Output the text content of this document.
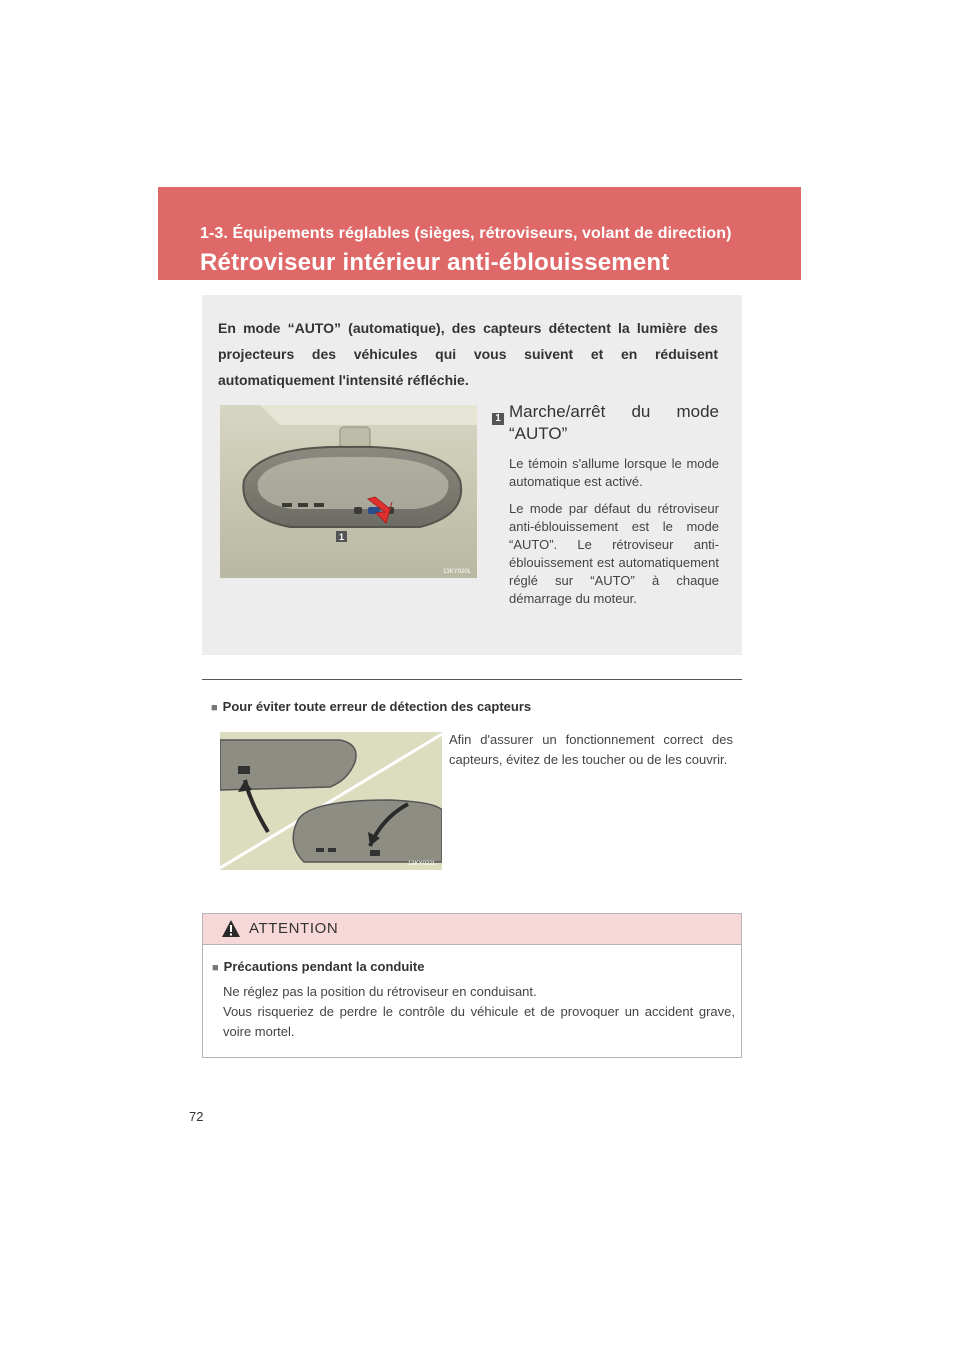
1-3. Équipements réglables (sièges, rétroviseurs, volant de direction)
Rétroviseur intérieur anti-éblouissement
En mode “AUTO” (automatique), des capteurs détectent la lumière des projecteurs des véhicules qui vous suivent et en réduisent automatiquement l'intensité réfléchie.
1
13KY020L
1 Marche/arrêt du mode “AUTO”

Le témoin s'allume lorsque le mode automatique est activé.

Le mode par défaut du rétroviseur anti-éblouissement est le mode “AUTO”. Le rétroviseur anti-éblouissement est automatiquement réglé sur “AUTO” à chaque démarrage du moteur.

■ Pour éviter toute erreur de détection des capteurs
13KY022L
Afin d'assurer un fonctionnement correct des capteurs, évitez de les toucher ou de les couvrir.
ATTENTION
■ Précautions pendant la conduite

Ne réglez pas la position du rétroviseur en conduisant.

Vous risqueriez de perdre le contrôle du véhicule et de provoquer un accident grave, voire mortel.

72
